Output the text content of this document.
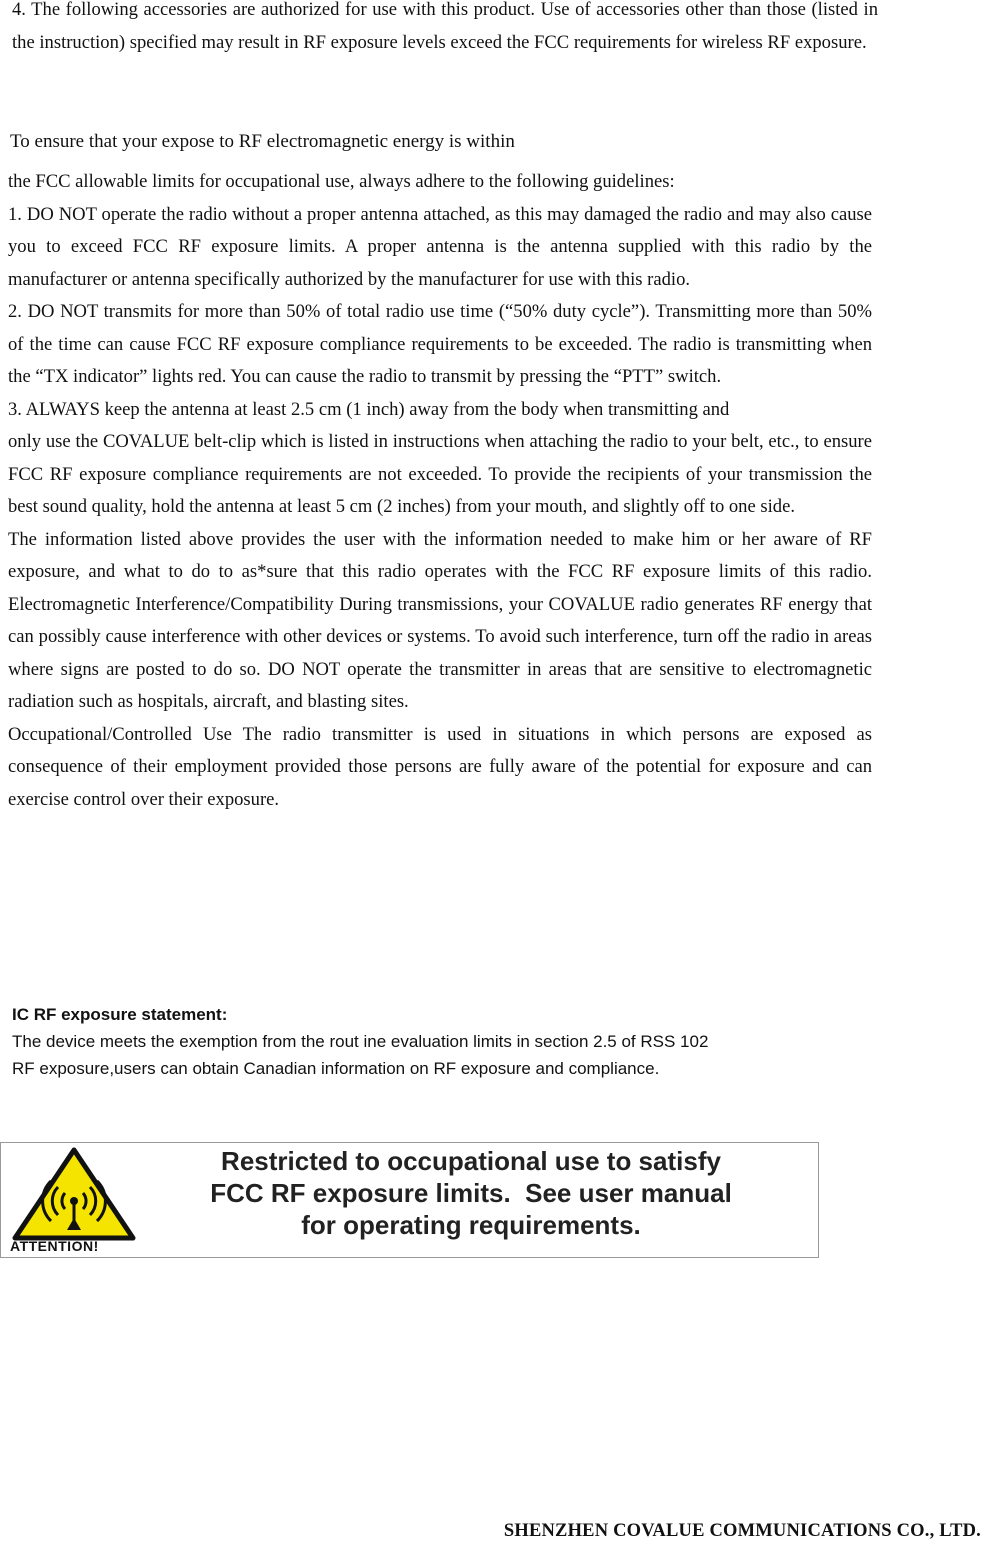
4. The following accessories are authorized for use with this product. Use of accessories other than those (listed in the instruction) specified may result in RF exposure levels exceed the FCC requirements for wireless RF exposure.

To ensure that your expose to RF electromagnetic energy is within

the FCC allowable limits for occupational use, always adhere to the following guidelines:
1. DO NOT operate the radio without a proper antenna attached, as this may damaged the radio and may also cause you to exceed FCC RF exposure limits. A proper antenna is the antenna supplied with this radio by the manufacturer or antenna specifically authorized by the manufacturer for use with this radio.
2. DO NOT transmits for more than 50% of total radio use time (“50% duty cycle”). Transmitting more than 50% of the time can cause FCC RF exposure compliance requirements to be exceeded. The radio is transmitting when the “TX indicator” lights red. You can cause the radio to transmit by pressing the “PTT” switch.
3. ALWAYS keep the antenna at least 2.5 cm (1 inch) away from the body when transmitting and
only use the COVALUE belt-clip which is listed in instructions when attaching the radio to your belt, etc., to ensure FCC RF exposure compliance requirements are not exceeded. To provide the recipients of your transmission the best sound quality, hold the antenna at least 5 cm (2 inches) from your mouth, and slightly off to one side.
The information listed above provides the user with the information needed to make him or her aware of RF exposure, and what to do to as*sure that this radio operates with the FCC RF exposure limits of this radio. Electromagnetic Interference/Compatibility During transmissions, your COVALUE radio generates RF energy that can possibly cause interference with other devices or systems. To avoid such interference, turn off the radio in areas where signs are posted to do so. DO NOT operate the transmitter in areas that are sensitive to electromagnetic radiation such as hospitals, aircraft, and blasting sites.
Occupational/Controlled Use The radio transmitter is used in situations in which persons are exposed as consequence of their employment provided those persons are fully aware of the potential for exposure and can exercise control over their exposure.

IC RF exposure statement:

The device meets the exemption from the rout ine evaluation limits in section 2.5 of RSS 102

RF exposure,users can obtain Canadian information on RF exposure and compliance.

ATTENTION!
Restricted to occupational use to satisfy
FCC RF exposure limits.  See user manual
for operating requirements.
SHENZHEN COVALUE COMMUNICATIONS CO., LTD.
